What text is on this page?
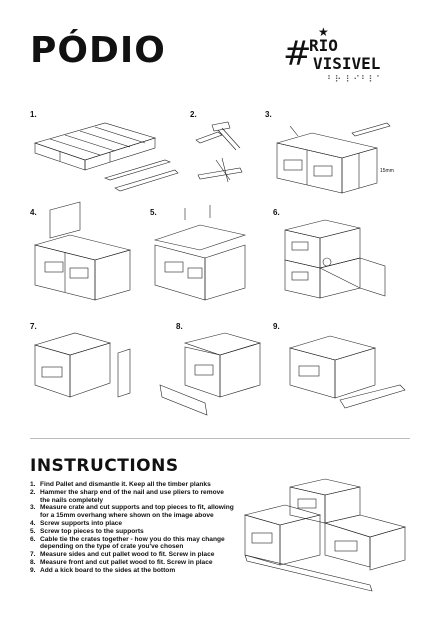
PÓDIO	#
★
RIO
VISIVEL
⠃⠗ ⠇⠊⠃⠇⠁
1.	2.	3.
4.	5.	6.
7.	8.	9.
15mm
INSTRUCTIONS
1. Find Pallet and dismantle it. Keep all the timber planks
2. Hammer the sharp end of the nail and use pliers to remove the nails completely
3. Measure crate and cut supports and top pieces to fit, allowing for a 15mm overhang where shown on the image above
4. Screw supports into place
5. Screw top pieces to the supports
6. Cable tie the crates together - how you do this may change depending on the type of crate you've chosen
7. Measure sides and cut pallet wood to fit. Screw in place
8. Measure front and cut pallet wood to fit. Screw in place
9. Add a kick board to the sides at the bottom
